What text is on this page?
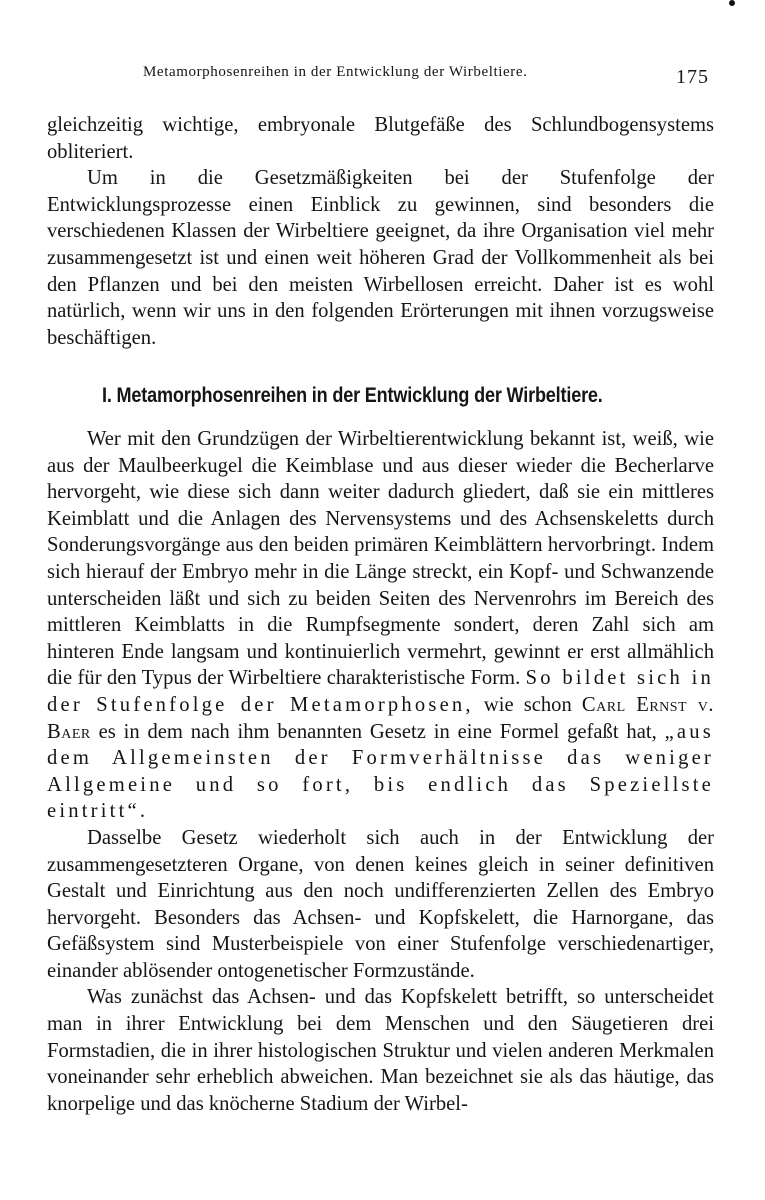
Metamorphosenreihen in der Entwicklung der Wirbeltiere.	175

gleichzeitig wichtige, embryonale Blutgefäße des Schlundbogensystems obliteriert.

Um in die Gesetzmäßigkeiten bei der Stufenfolge der Entwicklungsprozesse einen Einblick zu gewinnen, sind besonders die verschiedenen Klassen der Wirbeltiere geeignet, da ihre Organisation viel mehr zusammengesetzt ist und einen weit höheren Grad der Vollkommenheit als bei den Pflanzen und bei den meisten Wirbellosen erreicht. Daher ist es wohl natürlich, wenn wir uns in den folgenden Erörterungen mit ihnen vorzugsweise beschäftigen.

I. Metamorphosenreihen in der Entwicklung der Wirbeltiere.

Wer mit den Grundzügen der Wirbeltierentwicklung bekannt ist, weiß, wie aus der Maulbeerkugel die Keimblase und aus dieser wieder die Becherlarve hervorgeht, wie diese sich dann weiter dadurch gliedert, daß sie ein mittleres Keimblatt und die Anlagen des Nervensystems und des Achsenskeletts durch Sonderungsvorgänge aus den beiden primären Keimblättern hervorbringt. Indem sich hierauf der Embryo mehr in die Länge streckt, ein Kopf- und Schwanzende unterscheiden läßt und sich zu beiden Seiten des Nervenrohrs im Bereich des mittleren Keimblatts in die Rumpfsegmente sondert, deren Zahl sich am hinteren Ende langsam und kontinuierlich vermehrt, gewinnt er erst allmählich die für den Typus der Wirbeltiere charakteristische Form. So bildet sich in der Stufenfolge der Metamorphosen, wie schon Carl Ernst v. Baer es in dem nach ihm benannten Gesetz in eine Formel gefaßt hat, „aus dem Allgemeinsten der Formverhältnisse das weniger Allgemeine und so fort, bis endlich das Speziellste eintritt“.

Dasselbe Gesetz wiederholt sich auch in der Entwicklung der zusammengesetzteren Organe, von denen keines gleich in seiner definitiven Gestalt und Einrichtung aus den noch undifferenzierten Zellen des Embryo hervorgeht. Besonders das Achsen- und Kopfskelett, die Harnorgane, das Gefäßsystem sind Musterbeispiele von einer Stufenfolge verschiedenartiger, einander ablösender ontogenetischer Formzustände.

Was zunächst das Achsen- und das Kopfskelett betrifft, so unterscheidet man in ihrer Entwicklung bei dem Menschen und den Säugetieren drei Formstadien, die in ihrer histologischen Struktur und vielen anderen Merkmalen voneinander sehr erheblich abweichen. Man bezeichnet sie als das häutige, das knorpelige und das knöcherne Stadium der Wirbel-
